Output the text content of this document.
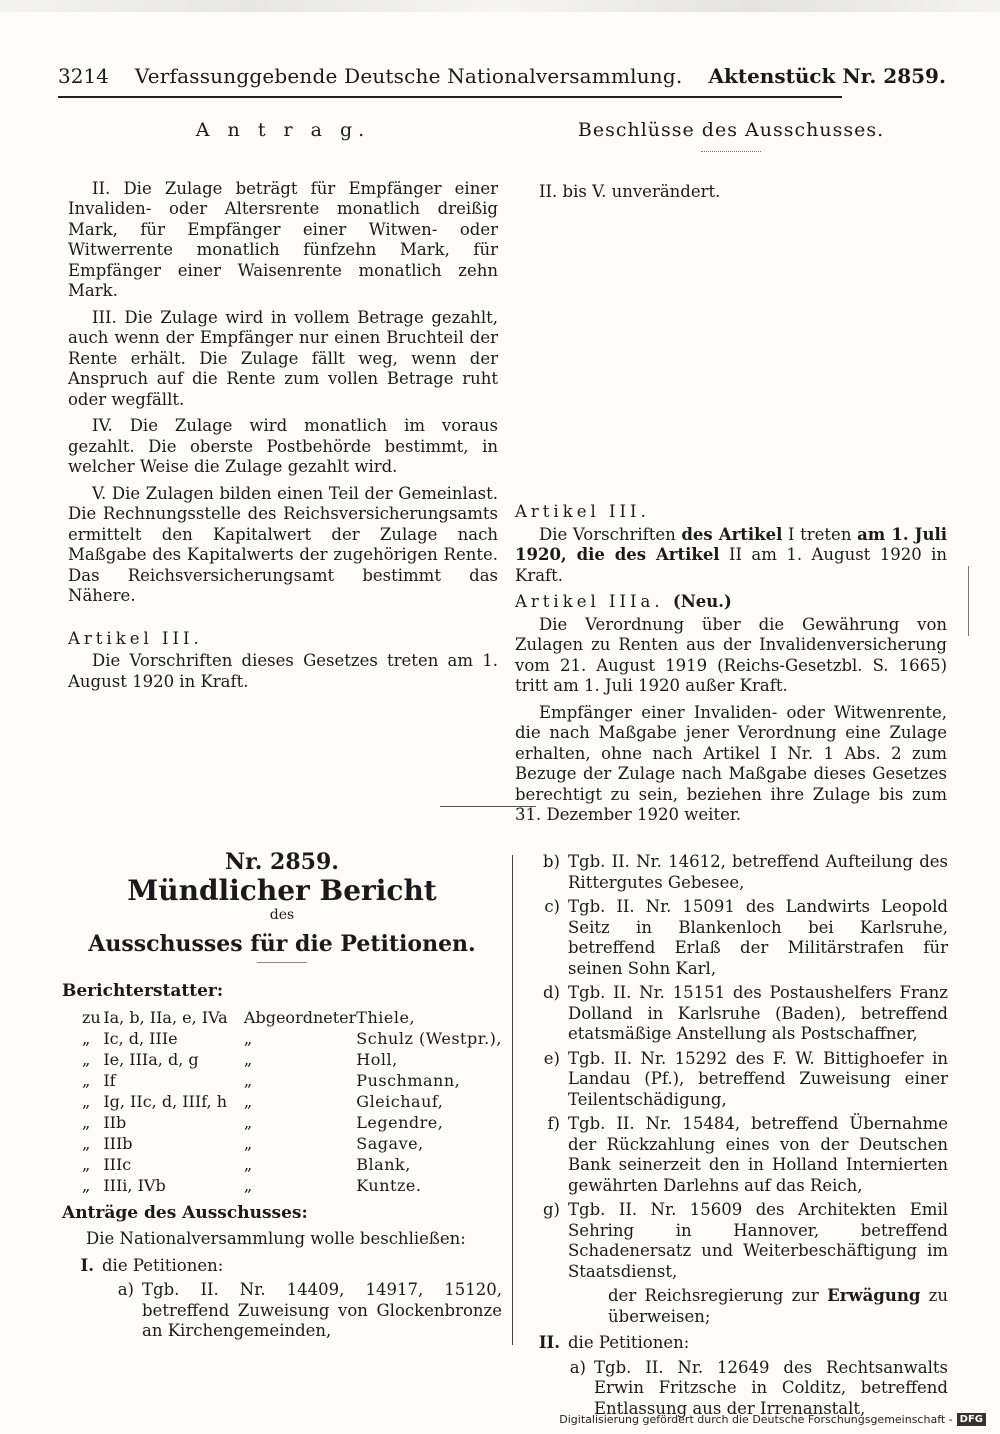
3214 Verfassunggebende Deutsche Nationalversammlung. Aktenstück Nr. 2859.
A n t r a g.

II. Die Zulage beträgt für Empfänger einer Invaliden- oder Altersrente monatlich dreißig Mark, für Empfänger einer Witwen- oder Witwerrente monatlich fünfzehn Mark, für Empfänger einer Waisenrente monatlich zehn Mark.

III. Die Zulage wird in vollem Betrage gezahlt, auch wenn der Empfänger nur einen Bruchteil der Rente erhält. Die Zulage fällt weg, wenn der Anspruch auf die Rente zum vollen Betrage ruht oder wegfällt.

IV. Die Zulage wird monatlich im voraus gezahlt. Die oberste Postbehörde bestimmt, in welcher Weise die Zulage gezahlt wird.

V. Die Zulagen bilden einen Teil der Gemeinlast. Die Rechnungsstelle des Reichsversicherungsamts ermittelt den Kapitalwert der Zulage nach Maßgabe des Kapitalwerts der zugehörigen Rente. Das Reichsversicherungsamt bestimmt das Nähere.

Artikel III.

Die Vorschriften dieses Gesetzes treten am 1. August 1920 in Kraft.

Beschlüsse des Ausschusses.

II. bis V. unverändert.

Artikel III.

Die Vorschriften des Artikel I treten am 1. Juli 1920, die des Artikel II am 1. August 1920 in Kraft.

Artikel IIIa. (Neu.)

Die Verordnung über die Gewährung von Zulagen zu Renten aus der Invalidenversicherung vom 21. August 1919 (Reichs-Gesetzbl. S. 1665) tritt am 1. Juli 1920 außer Kraft.

Empfänger einer Invaliden- oder Witwenrente, die nach Maßgabe jener Verordnung eine Zulage erhalten, ohne nach Artikel I Nr. 1 Abs. 2 zum Bezuge der Zulage nach Maßgabe dieses Gesetzes berechtigt zu sein, beziehen ihre Zulage bis zum 31. Dezember 1920 weiter.

Nr. 2859.
Mündlicher Bericht
des
Ausschusses für die Petitionen.
Berichterstatter:
zu	Ia, b, IIa, e, IVa	Abgeordneter	Thiele,
„	Ic, d, IIIe	„	Schulz (Westpr.),
„	Ie, IIIa, d, g	„	Holl,
„	If	„	Puschmann,
„	Ig, IIc, d, IIIf, h	„	Gleichauf,
„	IIb	„	Legendre,
„	IIIb	„	Sagave,
„	IIIc	„	Blank,
„	IIIi, IVb	„	Kuntze.
Anträge des Ausschusses:

Die Nationalversammlung wolle beschließen:

I. die Petitionen:
a) Tgb. II. Nr. 14409, 14917, 15120, betreffend Zuweisung von Glockenbronze an Kirchengemeinden,
b) Tgb. II. Nr. 14612, betreffend Aufteilung des Rittergutes Gebesee,
c) Tgb. II. Nr. 15091 des Landwirts Leopold Seitz in Blankenloch bei Karlsruhe, betreffend Erlaß der Militärstrafen für seinen Sohn Karl,
d) Tgb. II. Nr. 15151 des Postaushelfers Franz Dolland in Karlsruhe (Baden), betreffend etatsmäßige Anstellung als Postschaffner,
e) Tgb. II. Nr. 15292 des F. W. Bittighoefer in Landau (Pf.), betreffend Zuweisung einer Teilentschädigung,
f) Tgb. II. Nr. 15484, betreffend Übernahme der Rückzahlung eines von der Deutschen Bank seinerzeit den in Holland Internierten gewährten Darlehns auf das Reich,
g) Tgb. II. Nr. 15609 des Architekten Emil Sehring in Hannover, betreffend Schadenersatz und Weiterbeschäftigung im Staatsdienst,

der Reichsregierung zur Erwägung zu überweisen;

II. die Petitionen:
a) Tgb. II. Nr. 12649 des Rechtsanwalts Erwin Fritzsche in Colditz, betreffend Entlassung aus der Irrenanstalt,
Digitalisierung gefördert durch die Deutsche Forschungsgemeinschaft - DFG
